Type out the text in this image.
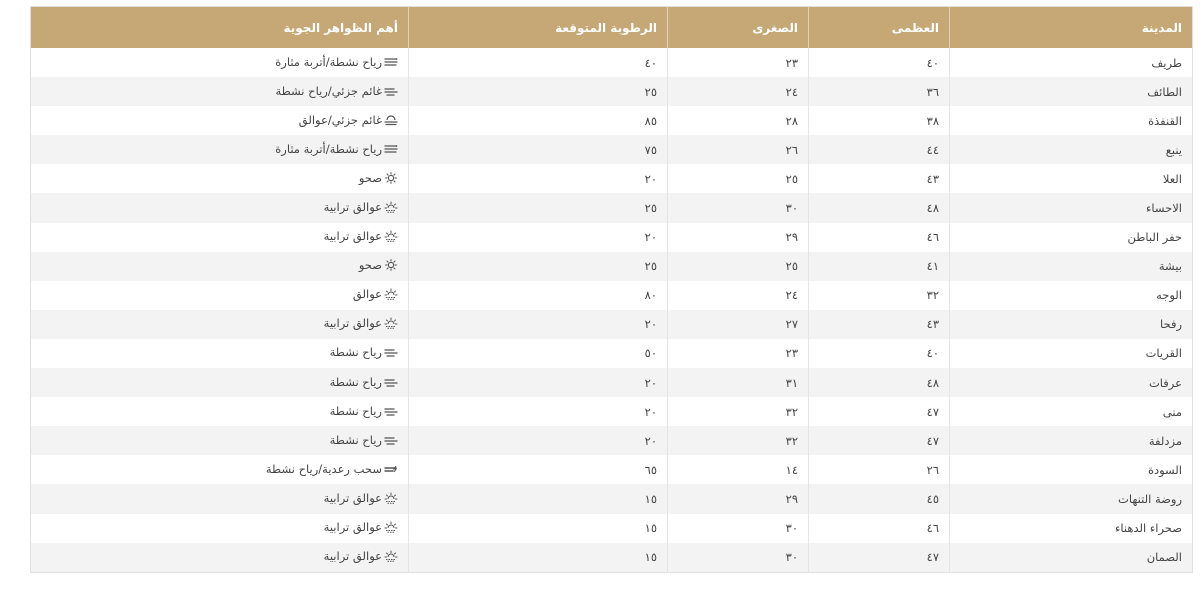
المدينة	العظمى	الصغرى	الرطوبة المتوقعة	أهم الظواهر الجوية
طريف	٤٠	٢٣	٤٠	رياح نشطة/أتربة مثارة

الطائف	٣٦	٢٤	٢٥	غائم جزئي/رياح نشطة

القنفذة	٣٨	٢٨	٨٥	غائم جزئي/عوالق

ينبع	٤٤	٢٦	٧٥	رياح نشطة/أتربة مثارة

العلا	٤٣	٢٥	٢٠	صحو

الاحساء	٤٨	٣٠	٢٥	عوالق ترابية

حفر الباطن	٤٦	٢٩	٢٠	عوالق ترابية

بيشة	٤١	٢٥	٢٥	صحو

الوجه	٣٢	٢٤	٨٠	عوالق

رفحا	٤٣	٢٧	٢٠	عوالق ترابية

القريات	٤٠	٢٣	٥٠	رياح نشطة

عرفات	٤٨	٣١	٢٠	رياح نشطة

منى	٤٧	٣٢	٢٠	رياح نشطة

مزدلفة	٤٧	٣٢	٢٠	رياح نشطة

السودة	٢٦	١٤	٦٥	سحب رعدية/رياح نشطة

روضة التنهات	٤٥	٢٩	١٥	عوالق ترابية

صحراء الدهناء	٤٦	٣٠	١٥	عوالق ترابية

الصمان	٤٧	٣٠	١٥	عوالق ترابية
